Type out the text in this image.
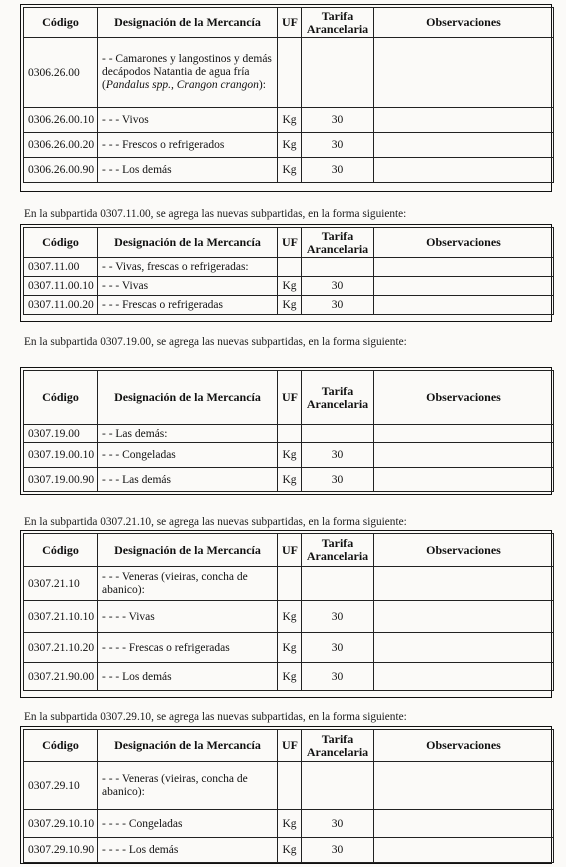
Código	Designación de la Mercancía	UF	Tarifa Arancelaria	Observaciones
0306.26.00	- - Camarones y langostinos y demás decápodos Natantia de agua fría (Pandalus spp., Crangon crangon):			

0306.26.00.10	- - - Vivos	Kg	30	
0306.26.00.20	- - - Frescos o refrigerados	Kg	30	
0306.26.00.90	- - - Los demás	Kg	30	
En la subpartida 0307.11.00, se agrega las nuevas subpartidas, en la forma siguiente:
Código	Designación de la Mercancía	UF	Tarifa Arancelaria	Observaciones
0307.11.00	- - Vivas, frescas o refrigeradas:			
0307.11.00.10	- - - Vivas	Kg	30	
0307.11.00.20	- - - Frescas o refrigeradas	Kg	30	
En la subpartida 0307.19.00, se agrega las nuevas subpartidas, en la forma siguiente:
Código	Designación de la Mercancía	UF	Tarifa Arancelaria	Observaciones
0307.19.00	- - Las demás:			
0307.19.00.10	- - - Congeladas	Kg	30	
0307.19.00.90	- - - Las demás	Kg	30	
En la subpartida 0307.21.10, se agrega las nuevas subpartidas, en la forma siguiente:
Código	Designación de la Mercancía	UF	Tarifa Arancelaria	Observaciones
0307.21.10	- - - Veneras (vieiras, concha de abanico):			

0307.21.10.10	- - - - Vivas	Kg	30	
0307.21.10.20	- - - - Frescas o refrigeradas	Kg	30	
0307.21.90.00	- - - Los demás	Kg	30	
En la subpartida 0307.29.10, se agrega las nuevas subpartidas, en la forma siguiente:
Código	Designación de la Mercancía	UF	Tarifa Arancelaria	Observaciones
0307.29.10	- - - Veneras (vieiras, concha de abanico):			

0307.29.10.10	- - - - Congeladas	Kg	30	
0307.29.10.90	- - - - Los demás	Kg	30	
